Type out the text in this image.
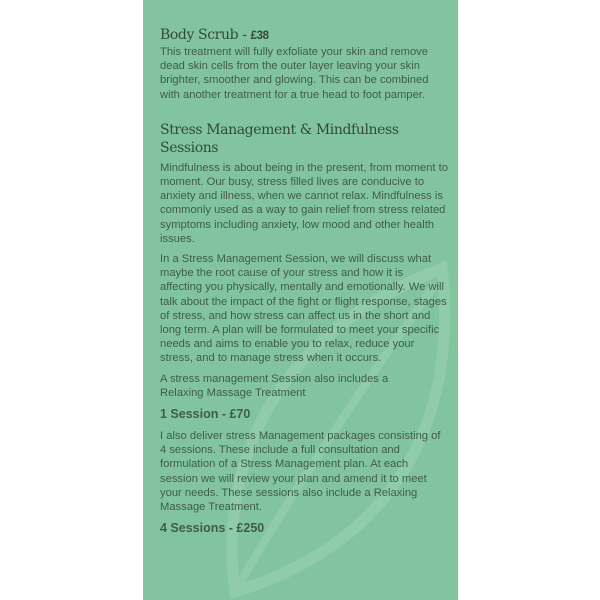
Body Scrub - £38

This treatment will fully exfoliate your skin and remove dead skin cells from the outer layer leaving your skin brighter, smoother and glowing. This can be combined with another treatment for a true head to foot pamper.

Stress Management & Mindfulness Sessions

Mindfulness is about being in the present, from moment to moment. Our busy, stress filled lives are conducive to anxiety and illness, when we cannot relax. Mindfulness is commonly used as a way to gain relief from stress related symptoms including anxiety, low mood and other health issues.

In a Stress Management Session, we will discuss what maybe the root cause of your stress and how it is affecting you physically, mentally and emotionally. We will talk about the impact of the fight or flight response, stages of stress, and how stress can affect us in the short and long term. A plan will be formulated to meet your specific needs and aims to enable you to relax, reduce your stress, and to manage stress when it occurs.

A stress management Session also includes a Relaxing Massage Treatment

1 Session - £70

I also deliver stress Management packages consisting of 4 sessions. These include a full consultation and formulation of a Stress Management plan. At each session we will review your plan and amend it to meet your needs. These sessions also include a Relaxing Massage Treatment.

4 Sessions - £250
